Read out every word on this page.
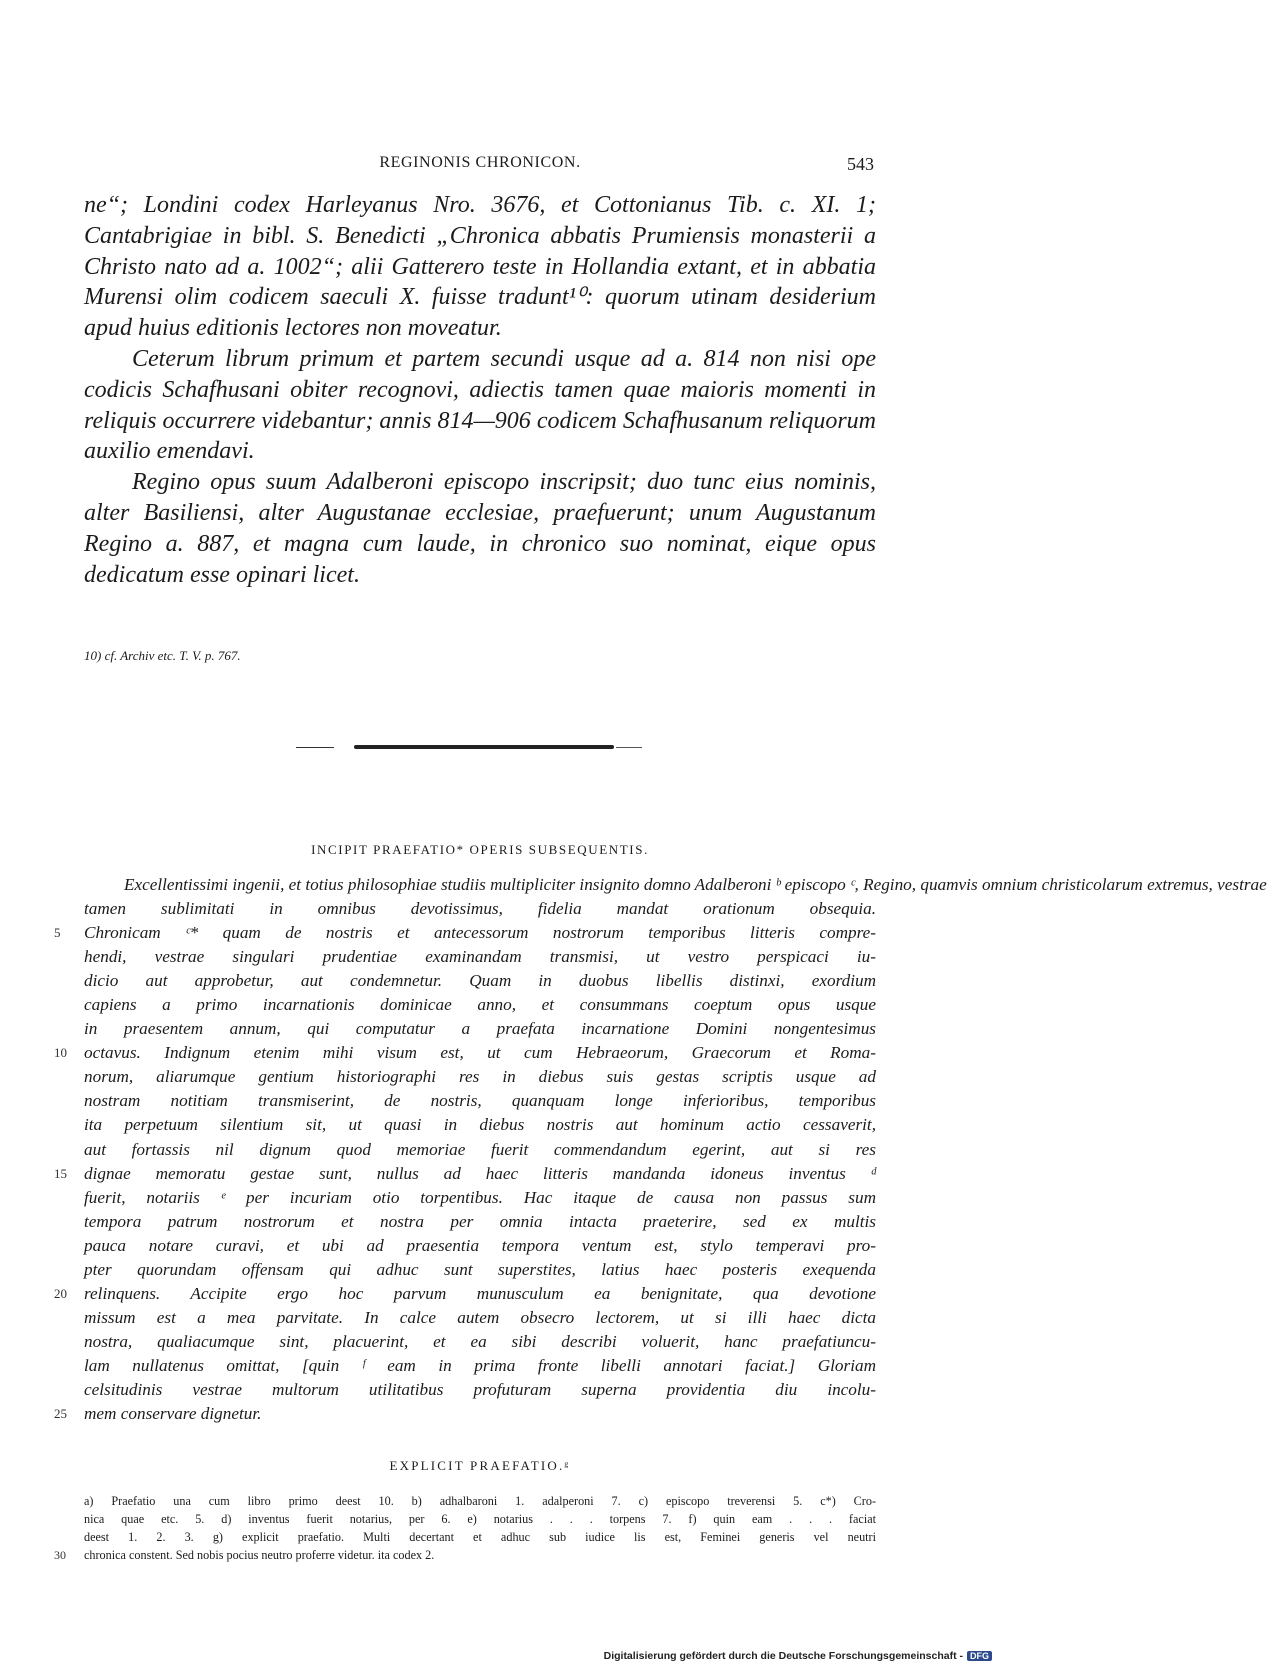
REGINONIS CHRONICON.	543

ne“; Londini codex Harleyanus Nro. 3676, et Cottonianus Tib. c. XI. 1; Cantabrigiae in bibl. S. Benedicti „Chronica abbatis Prumiensis monasterii a Christo nato ad a. 1002“; alii Gatterero teste in Hollandia extant, et in abbatia Murensi olim codicem saeculi X. fuisse tradunt¹⁰: quorum utinam desiderium apud huius editionis lectores non moveatur.

Ceterum librum primum et partem secundi usque ad a. 814 non nisi ope codicis Schafhusani obiter recognovi, adiectis tamen quae maioris momenti in reliquis occurrere videbantur; annis 814—906 codicem Schafhusanum reliquorum auxilio emendavi.

Regino opus suum Adalberoni episcopo inscripsit; duo tunc eius nominis, alter Basiliensi, alter Augustanae ecclesiae, praefuerunt; unum Augustanum Regino a. 887, et magna cum laude, in chronico suo nominat, eique opus dedicatum esse opinari licet.

10) cf. Archiv etc. T. V. p. 767.
INCIPIT PRAEFATIO* OPERIS SUBSEQUENTIS.
Excellentissimi ingenii, et totius philosophiae studiis multipliciter insignito domno Adalberoni ᵇ episcopo ᶜ, Regino, quamvis omnium christicolarum extremus, vestrae
tamen sublimitati in omnibus devotissimus, fidelia mandat orationum obsequia.
5 Chronicam ᶜ* quam de nostris et antecessorum nostrorum temporibus litteris compre-
hendi, vestrae singulari prudentiae examinandam transmisi, ut vestro perspicaci iu-
dicio aut approbetur, aut condemnetur. Quam in duobus libellis distinxi, exordium
capiens a primo incarnationis dominicae anno, et consummans coeptum opus usque
in praesentem annum, qui computatur a praefata incarnatione Domini nongentesimus
10 octavus. Indignum etenim mihi visum est, ut cum Hebraeorum, Graecorum et Roma-
norum, aliarumque gentium historiographi res in diebus suis gestas scriptis usque ad
nostram notitiam transmiserint, de nostris, quanquam longe inferioribus, temporibus
ita perpetuum silentium sit, ut quasi in diebus nostris aut hominum actio cessaverit,
aut fortassis nil dignum quod memoriae fuerit commendandum egerint, aut si res
15 dignae memoratu gestae sunt, nullus ad haec litteris mandanda idoneus inventus ᵈ
fuerit, notariis ᵉ per incuriam otio torpentibus. Hac itaque de causa non passus sum
tempora patrum nostrorum et nostra per omnia intacta praeterire, sed ex multis
pauca notare curavi, et ubi ad praesentia tempora ventum est, stylo temperavi pro-
pter quorundam offensam qui adhuc sunt superstites, latius haec posteris exequenda
20 relinquens. Accipite ergo hoc parvum munusculum ea benignitate, qua devotione
missum est a mea parvitate. In calce autem obsecro lectorem, ut si illi haec dicta
nostra, qualiacumque sint, placuerint, et ea sibi describi voluerit, hanc praefatiuncu-
lam nullatenus omittat, [quin ᶠ eam in prima fronte libelli annotari faciat.] Gloriam
celsitudinis vestrae multorum utilitatibus profuturam superna providentia diu incolu-
25 mem conservare dignetur.
EXPLICIT PRAEFATIO.ᵍ
a) Praefatio una cum libro primo deest 10. b) adhalbaroni 1. adalperoni 7. c) episcopo treverensi 5. c*) Cro-
nica quae etc. 5. d) inventus fuerit notarius, per 6. e) notarius . . . torpens 7. f) quin eam . . . faciat
deest 1. 2. 3. g) explicit praefatio. Multi decertant et adhuc sub iudice lis est, Feminei generis vel neutri
30 chronica constent. Sed nobis pocius neutro proferre videtur. ita codex 2.
Digitalisierung gefördert durch die Deutsche Forschungsgemeinschaft - DFG
